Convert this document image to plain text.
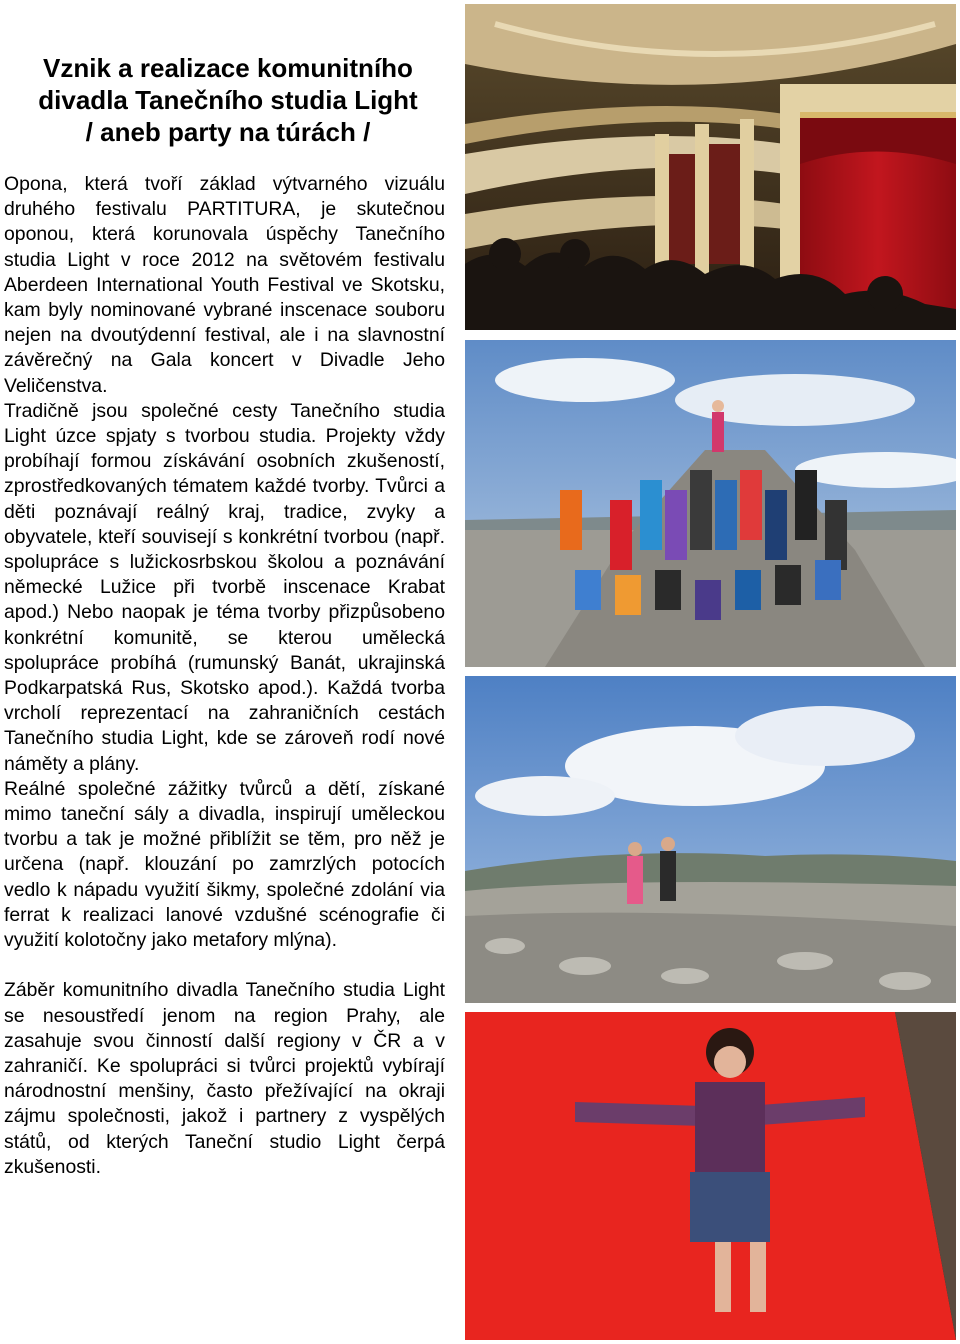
Vznik a realizace komunitního
divadla Tanečního studia Light
/ aneb party na túrách /

Opona, která tvoří základ výtvarného vizuálu druhého festivalu PARTITURA, je skutečnou oponou, která korunovala úspěchy Tanečního studia Light v roce 2012 na světovém festivalu Aberdeen International Youth Festival ve Skotsku, kam byly nominované vybrané inscenace souboru nejen na dvoutýdenní festival, ale i na slavnostní závěrečný na Gala koncert v Divadle Jeho Veličenstva.

Tradičně jsou společné cesty Tanečního studia Light úzce spjaty s tvorbou studia. Projekty vždy probíhají formou získávání osobních zkušeností, zprostředkovaných tématem každé tvorby. Tvůrci a děti poznávají reálný kraj, tradice, zvyky a obyvatele, kteří souvisejí s konkrétní tvorbou (např. spolupráce s lužickosrbskou školou a poznávání německé Lužice při tvorbě inscenace Krabat apod.) Nebo naopak je téma tvorby přizpůsobeno konkrétní komunitě, se kterou umělecká spolupráce probíhá (rumunský Banát, ukrajinská Podkarpatská Rus, Skotsko apod.). Každá tvorba vrcholí reprezentací na zahraničních cestách Tanečního studia Light, kde se zároveň rodí nové náměty a plány.

Reálné společné zážitky tvůrců a dětí, získané mimo taneční sály a divadla, inspirují uměleckou tvorbu a tak je možné přiblížit se těm, pro něž je určena (např. klouzání po zamrzlých potocích vedlo k nápadu využití šikmy, společné zdolání via ferrat k realizaci lanové vzdušné scénografie či využití kolotočny jako metafory mlýna).

Záběr komunitního divadla Tanečního studia Light se nesoustředí jenom na region Prahy, ale zasahuje svou činností další regiony v ČR a v zahraničí. Ke spolupráci si tvůrci projektů vybírají národnostní menšiny, často přežívající na okraji zájmu společnosti, jakož i partnery z vyspělých států, od kterých Taneční studio Light čerpá zkušenosti.
